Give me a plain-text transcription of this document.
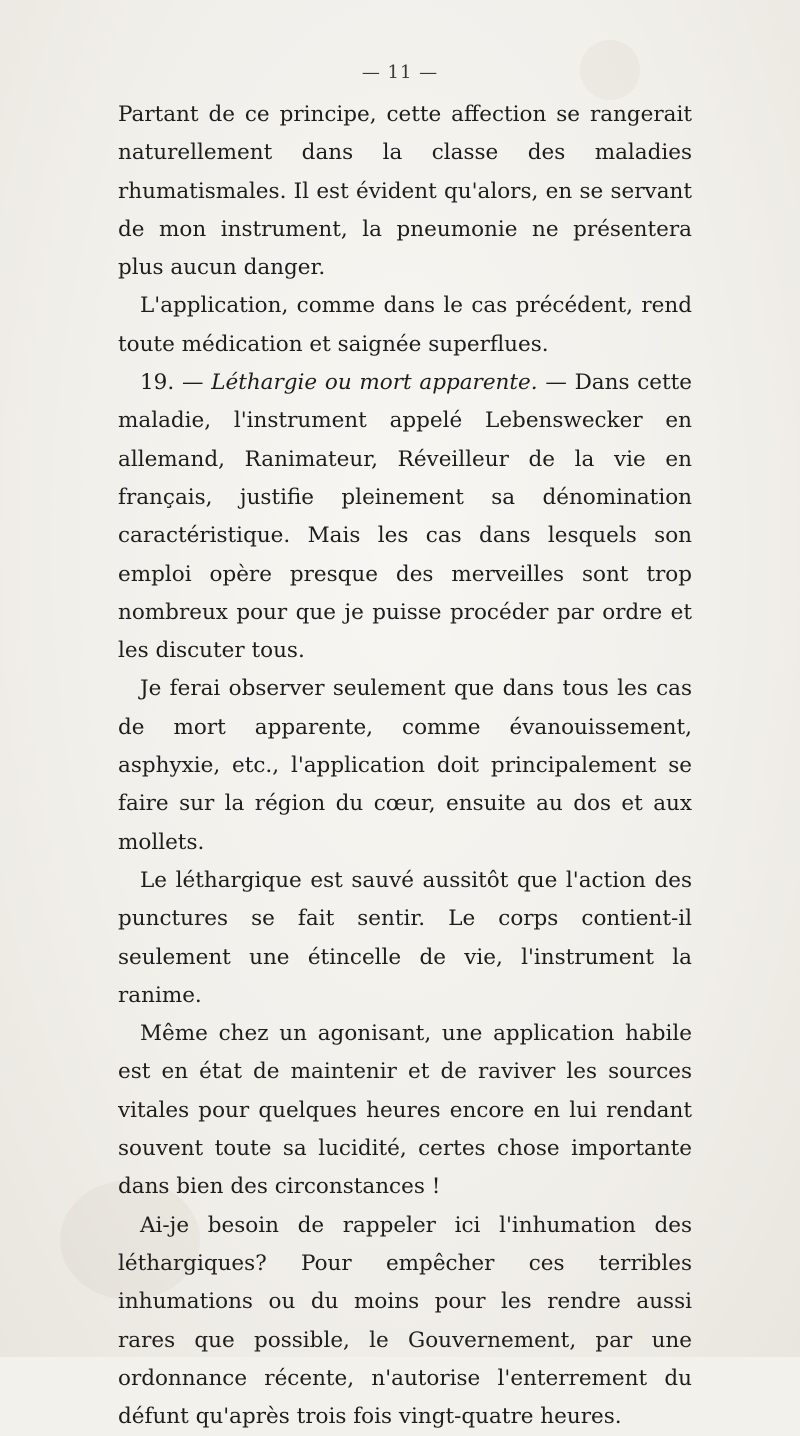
— 11 —

Partant de ce principe, cette affection se rangerait naturellement dans la classe des maladies rhumatismales. Il est évident qu'alors, en se servant de mon instrument, la pneumonie ne présentera plus aucun danger.

L'application, comme dans le cas précédent, rend toute médication et saignée superflues.

19. — Léthargie ou mort apparente. — Dans cette maladie, l'instrument appelé Lebenswecker en allemand, Ranimateur, Réveilleur de la vie en français, justifie pleinement sa dénomination caractéristique. Mais les cas dans lesquels son emploi opère presque des merveilles sont trop nombreux pour que je puisse procéder par ordre et les discuter tous.

Je ferai observer seulement que dans tous les cas de mort apparente, comme évanouissement, asphyxie, etc., l'application doit principalement se faire sur la région du cœur, ensuite au dos et aux mollets.

Le léthargique est sauvé aussitôt que l'action des punctures se fait sentir. Le corps contient-il seulement une étincelle de vie, l'instrument la ranime.

Même chez un agonisant, une application habile est en état de maintenir et de raviver les sources vitales pour quelques heures encore en lui rendant souvent toute sa lucidité, certes chose importante dans bien des circonstances !

Ai-je besoin de rappeler ici l'inhumation des léthargiques? Pour empêcher ces terribles inhumations ou du moins pour les rendre aussi rares que possible, le Gouvernement, par une ordonnance récente, n'autorise l'enterrement du défunt qu'après trois fois vingt-quatre heures.
